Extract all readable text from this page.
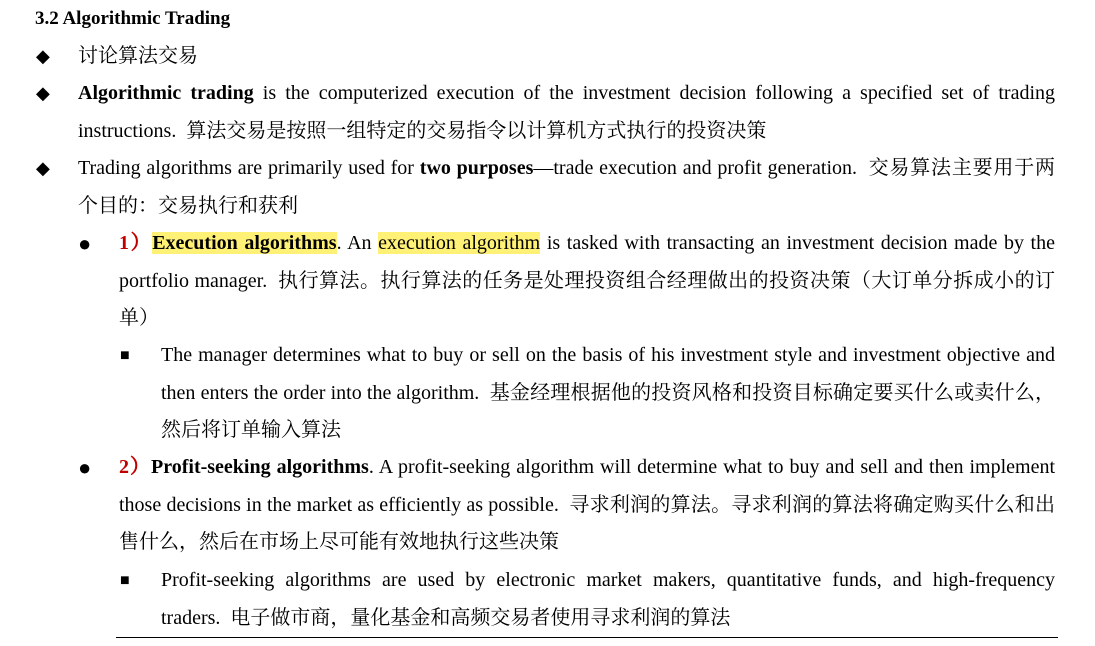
3.2 Algorithmic Trading
◆ 讨论算法交易
◆ Algorithmic trading is the computerized execution of the investment decision following a specified set of trading instructions. 算法交易是按照一组特定的交易指令以计算机方式执行的投资决策
◆ Trading algorithms are primarily used for two purposes—trade execution and profit generation. 交易算法主要用于两个目的：交易执行和获利
● 1）Execution algorithms. An execution algorithm is tasked with transacting an investment decision made by the portfolio manager. 执行算法。执行算法的任务是处理投资组合经理做出的投资决策（大订单分拆成小的订单）
■ The manager determines what to buy or sell on the basis of his investment style and investment objective and then enters the order into the algorithm. 基金经理根据他的投资风格和投资目标确定要买什么或卖什么，然后将订单输入算法
● 2）Profit-seeking algorithms. A profit-seeking algorithm will determine what to buy and sell and then implement those decisions in the market as efficiently as possible. 寻求利润的算法。寻求利润的算法将确定购买什么和出售什么，然后在市场上尽可能有效地执行这些决策
■ Profit-seeking algorithms are used by electronic market makers, quantitative funds, and high-frequency traders. 电子做市商，量化基金和高频交易者使用寻求利润的算法
